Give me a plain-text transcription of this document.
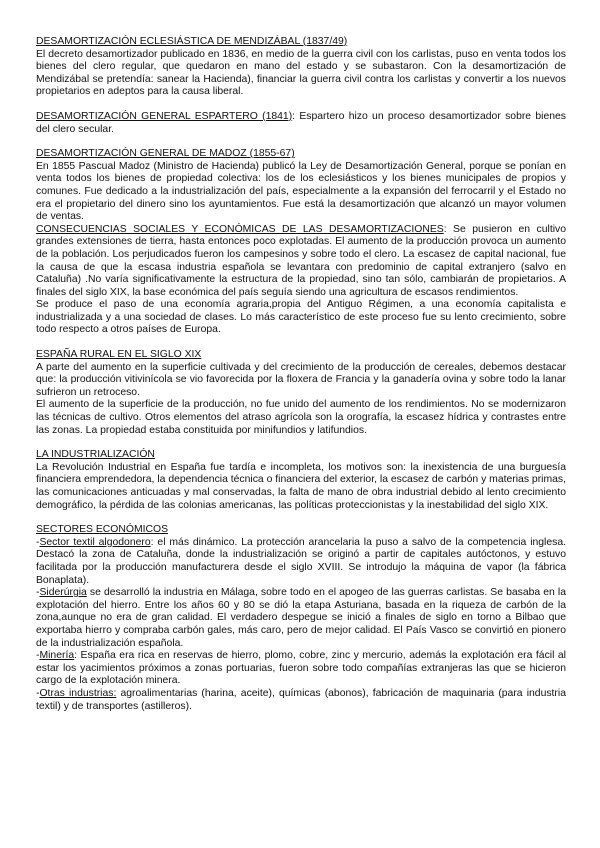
DESAMORTIZACIÓN ECLESIÁSTICA DE MENDIZÁBAL (1837/49)

El decreto desamortizador publicado en 1836, en medio de la guerra civil con los carlistas, puso en venta todos los bienes del clero regular, que quedaron en mano del estado y se subastaron. Con la desamortización de Mendizábal se pretendía: sanear la Hacienda), financiar la guerra civil contra los carlistas y convertir a los nuevos propietarios en adeptos para la causa liberal.

DESAMORTIZACIÓN GENERAL ESPARTERO (1841): Espartero hizo un proceso desamortizador sobre bienes del clero secular.

DESAMORTIZACIÓN GENERAL DE MADOZ (1855-67)

En 1855 Pascual Madoz (Ministro de Hacienda) publicó la Ley de Desamortización General, porque se ponían en venta todos los bienes de propiedad colectiva: los de los eclesiásticos y los bienes municipales de propios y comunes. Fue dedicado a la industrialización del país, especialmente a la expansión del ferrocarril y el Estado no era el propietario del dinero sino los ayuntamientos. Fue está la desamortización que alcanzó un mayor volumen de ventas.

CONSECUENCIAS SOCIALES Y ECONÓMICAS DE LAS DESAMORTIZACIONES: Se pusieron en cultivo grandes extensiones de tierra, hasta entonces poco explotadas. El aumento de la producción provoca un aumento de la población. Los perjudicados fueron los campesinos y sobre todo el clero. La escasez de capital nacional, fue la causa de que la escasa industria española se levantara con predominio de capital extranjero (salvo en Cataluña) .No varía significativamente la estructura de la propiedad, sino tan sólo, cambiarán de propietarios. A finales del siglo XIX, la base económica del país seguía siendo una agricultura de escasos rendimientos.

Se produce el paso de una economía agraria,propia del Antiguo Régimen, a una economía capitalista e industrializada y a una sociedad de clases. Lo más característico de este proceso fue su lento crecimiento, sobre todo respecto a otros países de Europa.

ESPAÑA RURAL EN EL SIGLO XIX

A parte del aumento en la superficie cultivada y del crecimiento de la producción de cereales, debemos destacar que: la producción vitivinícola se vio favorecida por la floxera de Francia y la ganadería ovina y sobre todo la lanar sufrieron un retroceso.

El aumento de la superficie de la producción, no fue unido del aumento de los rendimientos. No se modernizaron las técnicas de cultivo. Otros elementos del atraso agrícola son la orografía, la escasez hídrica y contrastes entre las zonas. La propiedad estaba constituida por minifundios y latifundios.

LA INDUSTRIALIZACIÓN

La Revolución Industrial en España fue tardía e incompleta, los motivos son: la inexistencia de una burguesía financiera emprendedora, la dependencia técnica o financiera del exterior, la escasez de carbón y materias primas, las comunicaciones anticuadas y mal conservadas, la falta de mano de obra industrial debido al lento crecimiento demográfico, la pérdida de las colonias americanas, las políticas proteccionistas y la inestabilidad del siglo XIX.

SECTORES ECONÓMICOS

-Sector textil algodonero: el más dinámico. La protección arancelaria la puso a salvo de la competencia inglesa. Destacó la zona de Cataluña, donde la industrialización se originó a partir de capitales autóctonos, y estuvo facilitada por la producción manufacturera desde el siglo XVIII. Se introdujo la máquina de vapor (la fábrica Bonaplata).

-Siderúrgia se desarrolló la industria en Málaga, sobre todo en el apogeo de las guerras carlistas. Se basaba en la explotación del hierro. Entre los años 60 y 80 se dió la etapa Asturiana, basada en la riqueza de carbón de la zona,aunque no era de gran calidad. El verdadero despegue se inició a finales de siglo en torno a Bilbao que exportaba hierro y compraba carbón gales, más caro, pero de mejor calidad. El País Vasco se convirtió en pionero de la industrialización española.

-Minería: España era rica en reservas de hierro, plomo, cobre, zinc y mercurio, además la explotación era fácil al estar los yacimientos próximos a zonas portuarias, fueron sobre todo compañías extranjeras las que se hicieron cargo de la explotación minera.

-Otras industrias: agroalimentarias (harina, aceite), químicas (abonos), fabricación de maquinaria (para industria textil) y de transportes (astilleros).
